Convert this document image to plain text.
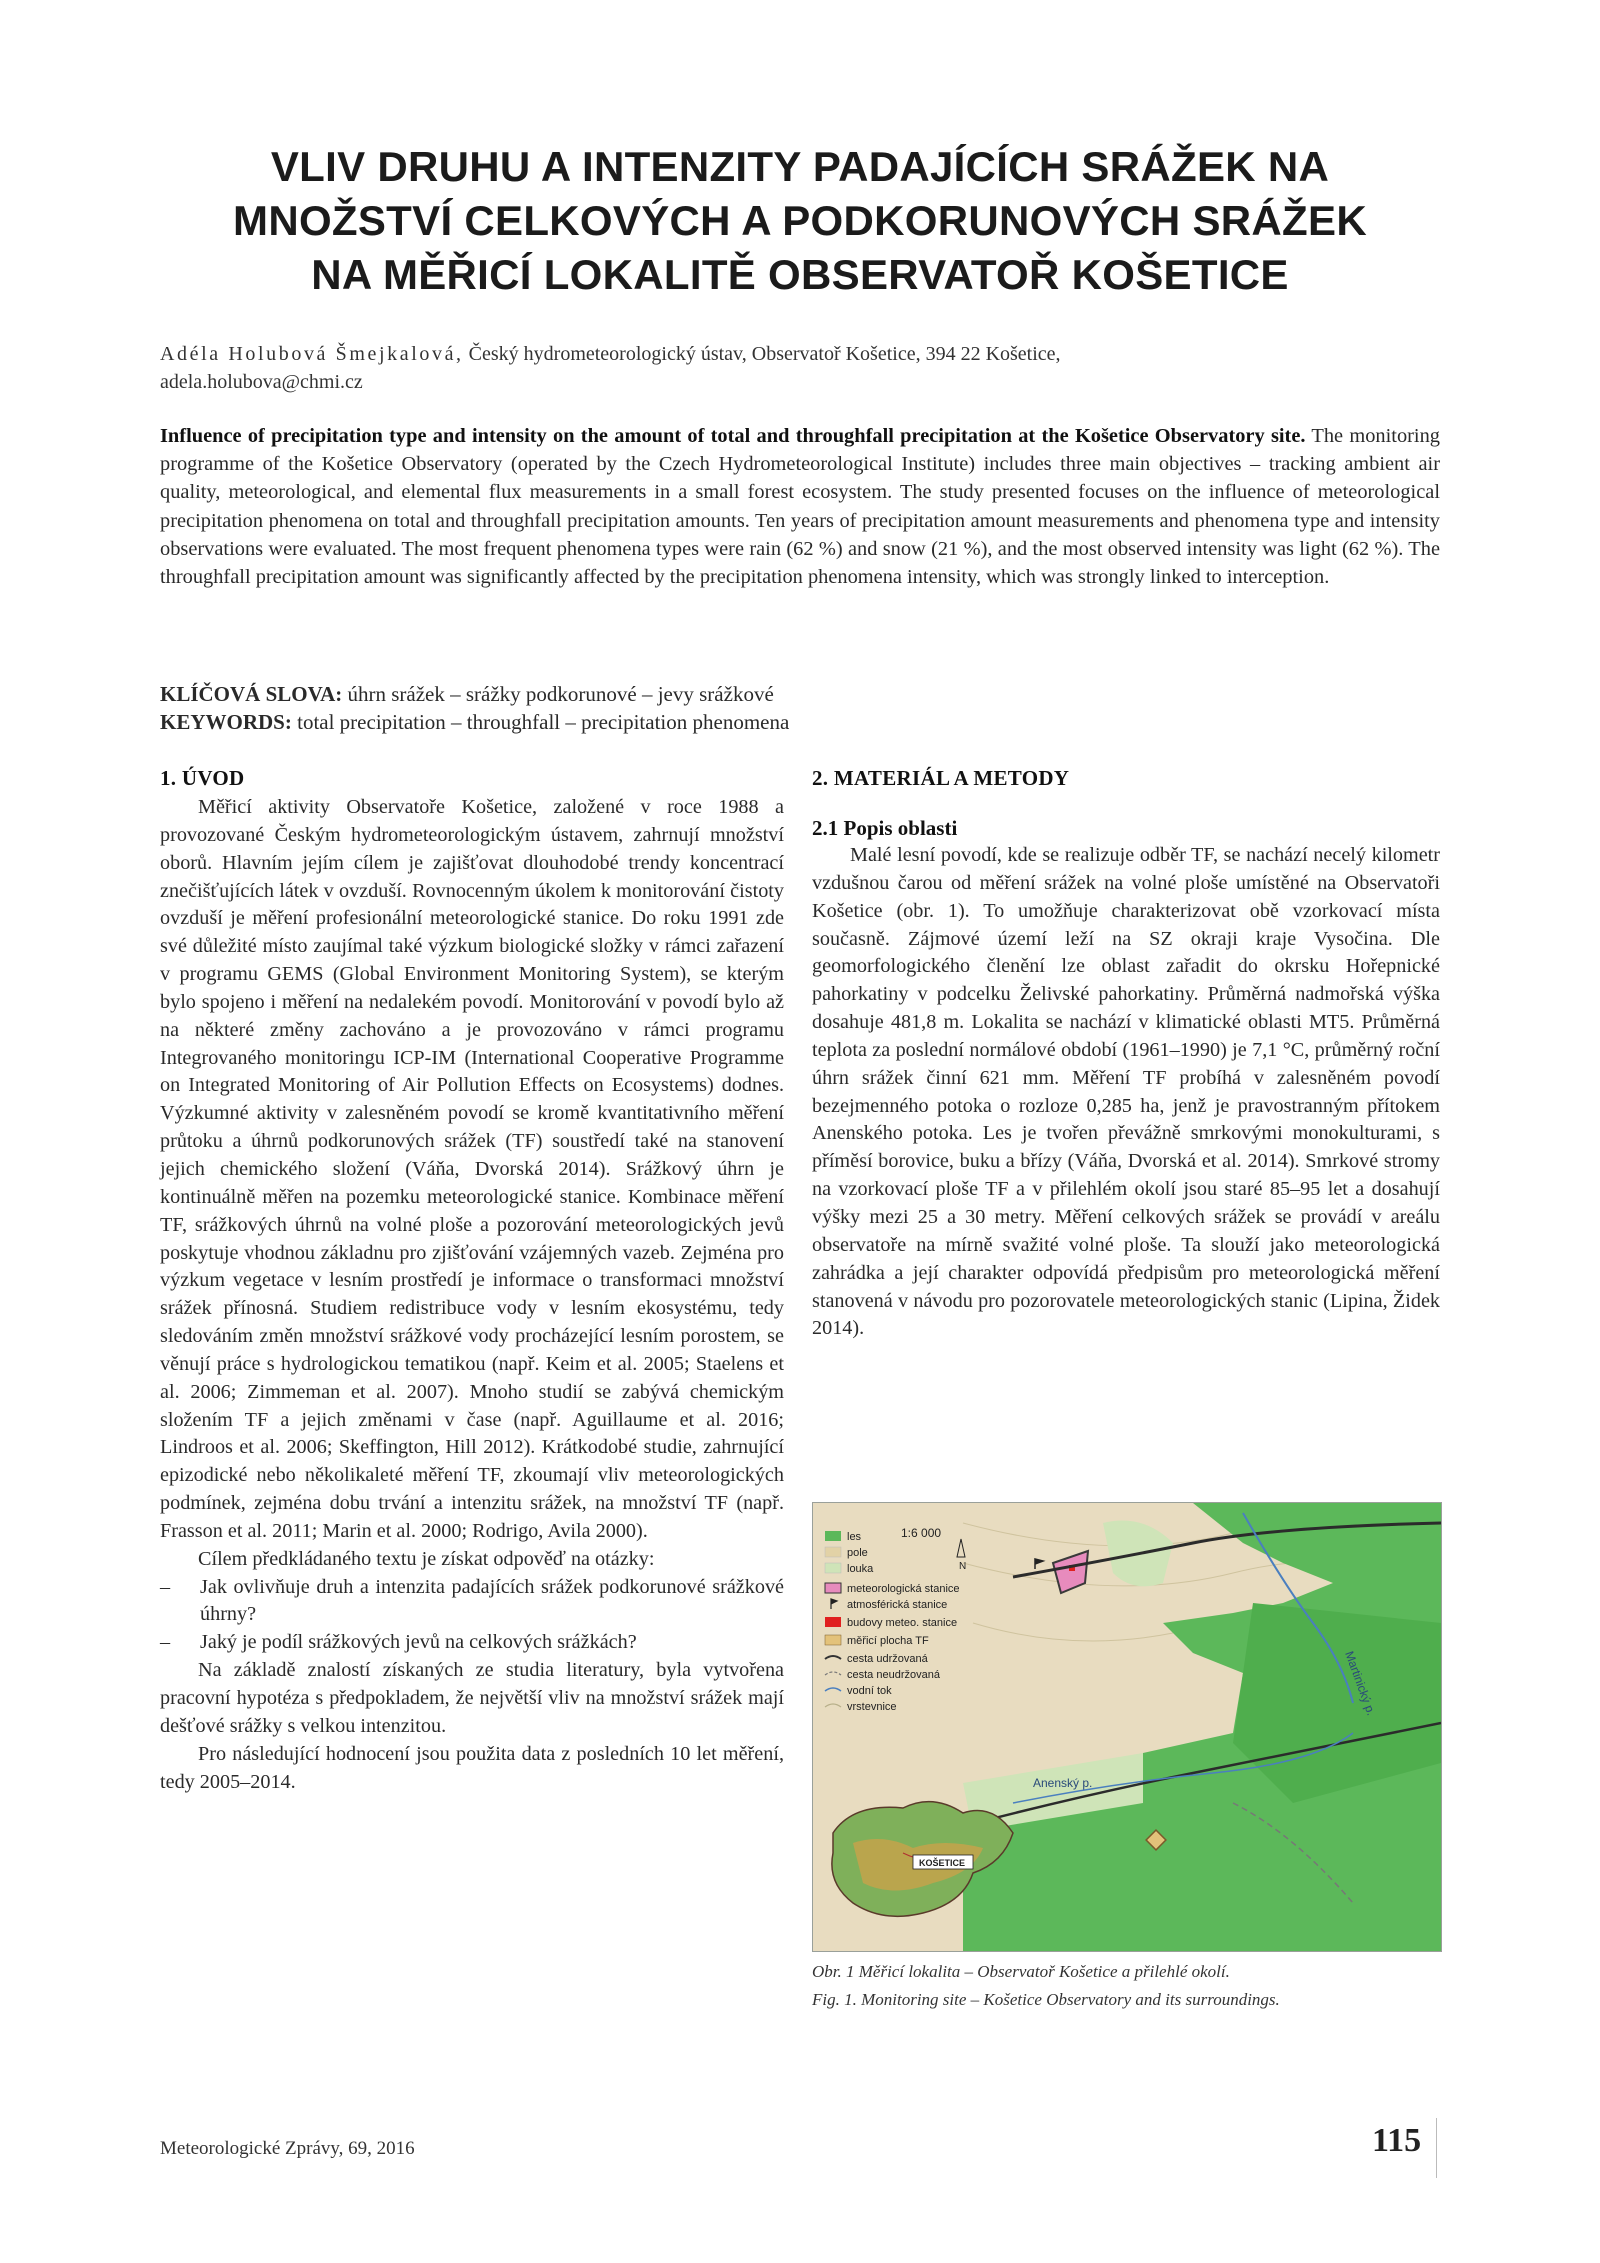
VLIV DRUHU A INTENZITY PADAJÍCÍCH SRÁŽEK NA
MNOŽSTVÍ CELKOVÝCH A PODKORUNOVÝCH SRÁŽEK
NA MĚŘICÍ LOKALITĚ OBSERVATOŘ KOŠETICE
Adéla Holubová Šmejkalová, Český hydrometeorologický ústav, Observatoř Košetice, 394 22 Košetice,
adela.holubova@chmi.cz

Influence of precipitation type and intensity on the amount of total and throughfall precipitation at the Košetice Observatory site. The monitoring programme of the Košetice Observatory (operated by the Czech Hydrometeorological Institute) includes three main objectives – tracking ambient air quality, meteorological, and elemental flux measurements in a small forest ecosystem. The study presented focuses on the influence of meteorological precipitation phenomena on total and throughfall precipitation amounts. Ten years of precipitation amount measurements and phenomena type and intensity observations were evaluated. The most frequent phenomena types were rain (62 %) and snow (21 %), and the most observed intensity was light (62 %). The throughfall precipitation amount was significantly affected by the precipitation phenomena intensity, which was strongly linked to interception.

KLÍČOVÁ SLOVA: úhrn srážek – srážky podkorunové – jevy srážkové

KEYWORDS: total precipitation – throughfall – precipitation phenomena

1. ÚVOD

Měřicí aktivity Observatoře Košetice, založené v roce 1988 a provozované Českým hydrometeorologickým ústavem, zahrnují množství oborů. Hlavním jejím cílem je zajišťovat dlouhodobé trendy koncentrací znečišťujících látek v ovzduší. Rovnocenným úkolem k monitorování čistoty ovzduší je měření profesionální meteorologické stanice. Do roku 1991 zde své důležité místo zaujímal také výzkum biologické složky v rámci zařazení v programu GEMS (Global Environment Monitoring System), se kterým bylo spojeno i měření na nedalekém povodí. Monitorování v povodí bylo až na některé změny zachováno a je provozováno v rámci programu Integrovaného monitoringu ICP-IM (International Cooperative Programme on Integrated Monitoring of Air Pollution Effects on Ecosystems) dodnes. Výzkumné aktivity v zalesněném povodí se kromě kvantitativního měření průtoku a úhrnů podkorunových srážek (TF) soustředí také na stanovení jejich chemického složení (Váňa, Dvorská 2014). Srážkový úhrn je kontinuálně měřen na pozemku meteorologické stanice. Kombinace měření TF, srážkových úhrnů na volné ploše a pozorování meteorologických jevů poskytuje vhodnou základnu pro zjišťování vzájemných vazeb. Zejména pro výzkum vegetace v lesním prostředí je informace o transformaci množství srážek přínosná. Studiem redistribuce vody v lesním ekosystému, tedy sledováním změn množství srážkové vody procházející lesním porostem, se věnují práce s hydrologickou tematikou (např. Keim et al. 2005; Staelens et al. 2006; Zimmeman et al. 2007). Mnoho studií se zabývá chemickým složením TF a jejich změnami v čase (např. Aguillaume et al. 2016; Lindroos et al. 2006; Skeffington, Hill 2012). Krátkodobé studie, zahrnující epizodické nebo několikaleté měření TF, zkoumají vliv meteorologických podmínek, zejména dobu trvání a intenzitu srážek, na množství TF (např. Frasson et al. 2011; Marin et al. 2000; Rodrigo, Avila 2000).

Cílem předkládaného textu je získat odpověď na otázky:

– Jak ovlivňuje druh a intenzita padajících srážek podkorunové srážkové úhrny?
– Jaký je podíl srážkových jevů na celkových srážkách?

Na základě znalostí získaných ze studia literatury, byla vytvořena pracovní hypotéza s předpokladem, že největší vliv na množství srážek mají dešťové srážky s velkou intenzitou.

Pro následující hodnocení jsou použita data z posledních 10 let měření, tedy 2005–2014.

2. MATERIÁL A METODY
2.1 Popis oblasti

Malé lesní povodí, kde se realizuje odběr TF, se nachází necelý kilometr vzdušnou čarou od měření srážek na volné ploše umístěné na Observatoři Košetice (obr. 1). To umožňuje charakterizovat obě vzorkovací místa současně. Zájmové území leží na SZ okraji kraje Vysočina. Dle geomorfologického členění lze oblast zařadit do okrsku Hořepnické pahorkatiny v podcelku Želivské pahorkatiny. Průměrná nadmořská výška dosahuje 481,8 m. Lokalita se nachází v klimatické oblasti MT5. Průměrná teplota za poslední normálové období (1961–1990) je 7,1 °C, průměrný roční úhrn srážek činní 621 mm. Měření TF probíhá v zalesněném povodí bezejmenného potoka o rozloze 0,285 ha, jenž je pravostranným přítokem Anenského potoka. Les je tvořen převážně smrkovými monokulturami, s příměsí borovice, buku a břízy (Váňa, Dvorská et al. 2014). Smrkové stromy na vzorkovací ploše TF a v přilehlém okolí jsou staré 85–95 let a dosahují výšky mezi 25 a 30 metry. Měření celkových srážek se provádí v areálu observatoře na mírně svažité volné ploše. Ta slouží jako meteorologická zahrádka a její charakter odpovídá předpisům pro meteorologická měření stanovená v návodu pro pozorovatele meteorologických stanic (Lipina, Židek 2014).

Martinický p.
Anenský p.
1:6 000
N
les
pole
louka
meteorologická stanice
atmosférická stanice
budovy meteo. stanice
měřicí plocha TF
cesta udržovaná
cesta neudržovaná
vodní tok
vrstevnice
KOŠETICE

Obr. 1 Měřicí lokalita – Observatoř Košetice a přilehlé okolí.

Fig. 1. Monitoring site – Košetice Observatory and its surroundings.

Meteorologické Zprávy, 69, 2016	115
